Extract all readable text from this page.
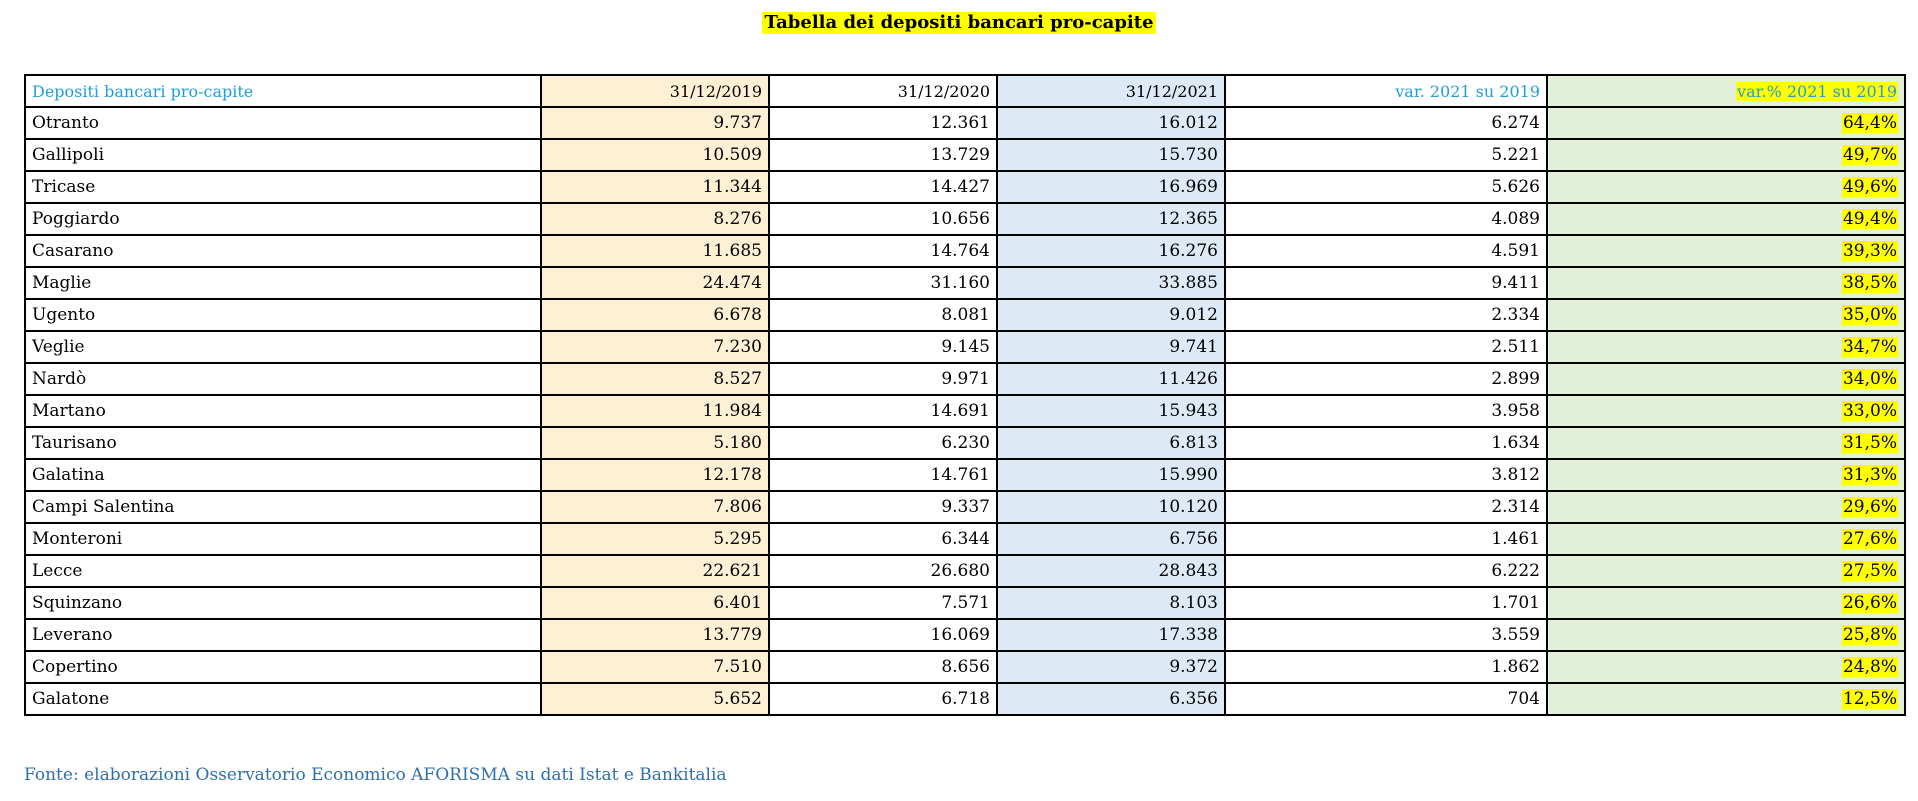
Tabella dei depositi bancari pro-capite
Depositi bancari pro-capite	31/12/2019	31/12/2020	31/12/2021	var. 2021 su 2019	var.% 2021 su 2019
Otranto	9.737	12.361	16.012	6.274	64,4%
Gallipoli	10.509	13.729	15.730	5.221	49,7%
Tricase	11.344	14.427	16.969	5.626	49,6%
Poggiardo	8.276	10.656	12.365	4.089	49,4%
Casarano	11.685	14.764	16.276	4.591	39,3%
Maglie	24.474	31.160	33.885	9.411	38,5%
Ugento	6.678	8.081	9.012	2.334	35,0%
Veglie	7.230	9.145	9.741	2.511	34,7%
Nardò	8.527	9.971	11.426	2.899	34,0%
Martano	11.984	14.691	15.943	3.958	33,0%
Taurisano	5.180	6.230	6.813	1.634	31,5%
Galatina	12.178	14.761	15.990	3.812	31,3%
Campi Salentina	7.806	9.337	10.120	2.314	29,6%
Monteroni	5.295	6.344	6.756	1.461	27,6%
Lecce	22.621	26.680	28.843	6.222	27,5%
Squinzano	6.401	7.571	8.103	1.701	26,6%
Leverano	13.779	16.069	17.338	3.559	25,8%
Copertino	7.510	8.656	9.372	1.862	24,8%
Galatone	5.652	6.718	6.356	704	12,5%
Fonte: elaborazioni Osservatorio Economico AFORISMA su dati Istat e Bankitalia
